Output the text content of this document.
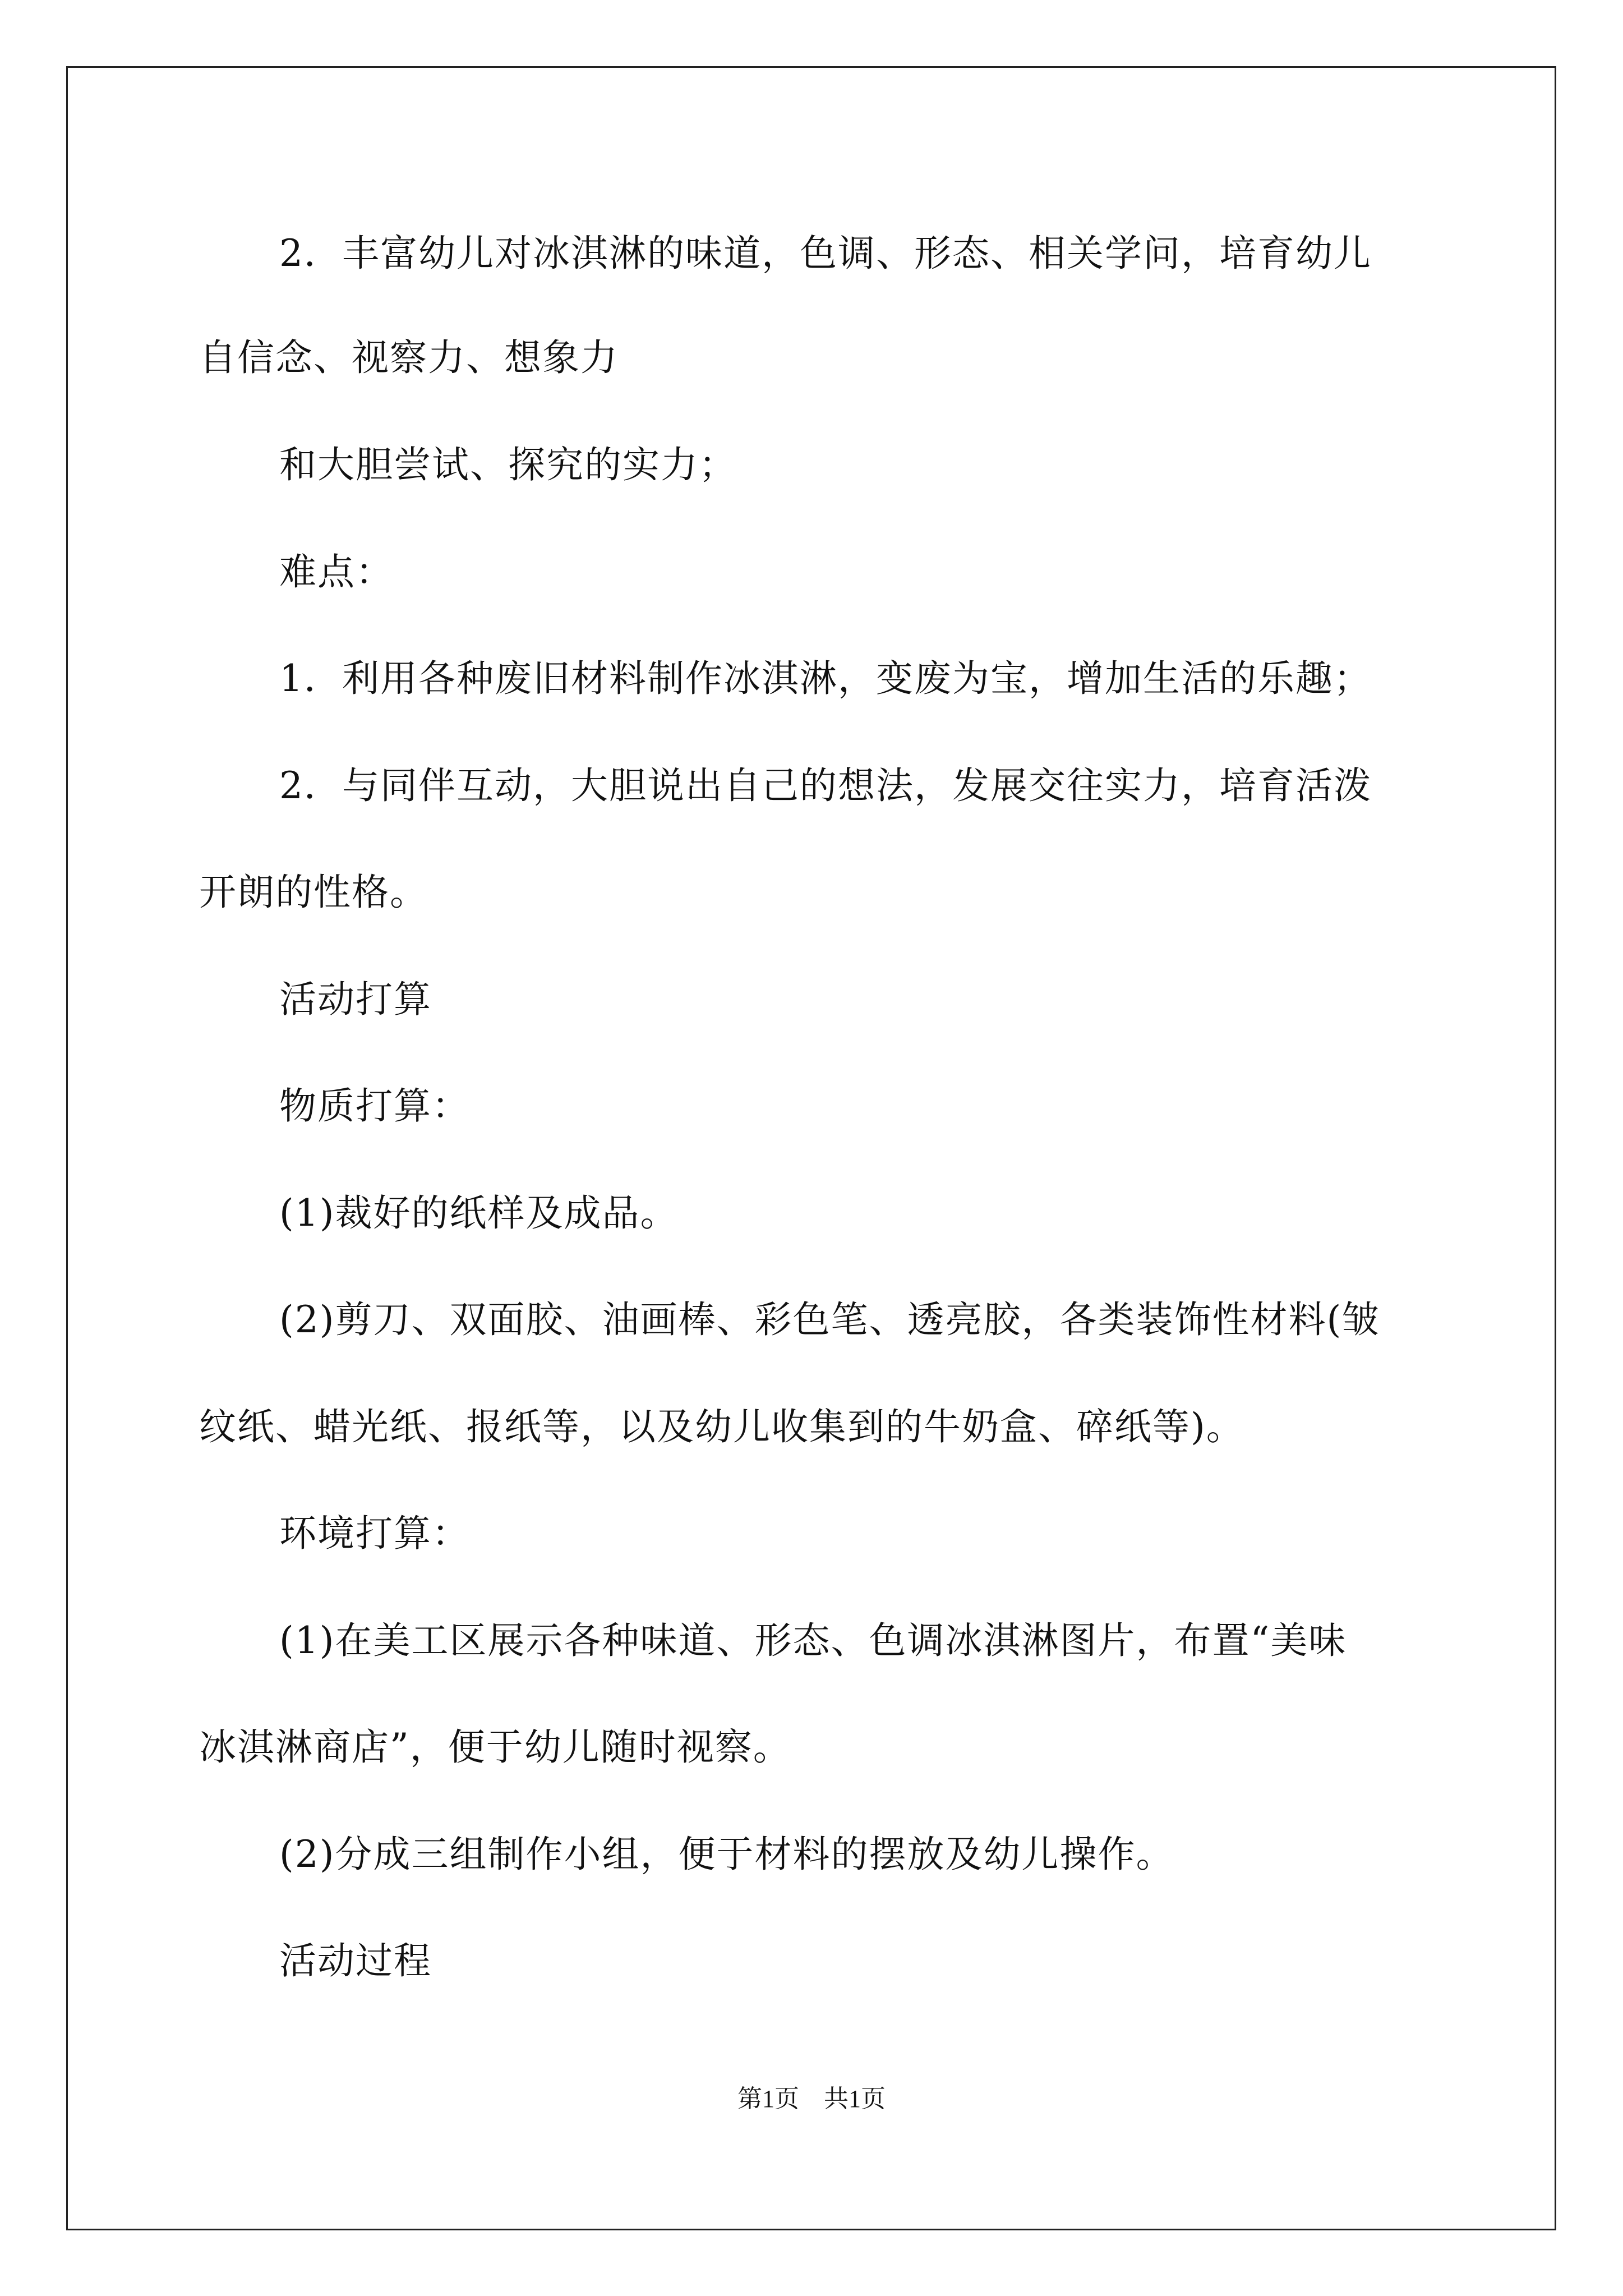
2．丰富幼儿对冰淇淋的味道，色调、形态、相关学问，培育幼儿
自信念、视察力、想象力
和大胆尝试、探究的实力；
难点：
1．利用各种废旧材料制作冰淇淋，变废为宝，增加生活的乐趣；
2．与同伴互动，大胆说出自己的想法，发展交往实力，培育活泼
开朗的性格。
活动打算
物质打算：
(1)裁好的纸样及成品。
(2)剪刀、双面胶、油画棒、彩色笔、透亮胶，各类装饰性材料(皱
纹纸、蜡光纸、报纸等，以及幼儿收集到的牛奶盒、碎纸等)。
环境打算：
(1)在美工区展示各种味道、形态、色调冰淇淋图片，布置“美味
冰淇淋商店”，便于幼儿随时视察。
(2)分成三组制作小组，便于材料的摆放及幼儿操作。
活动过程
第1页　共1页
